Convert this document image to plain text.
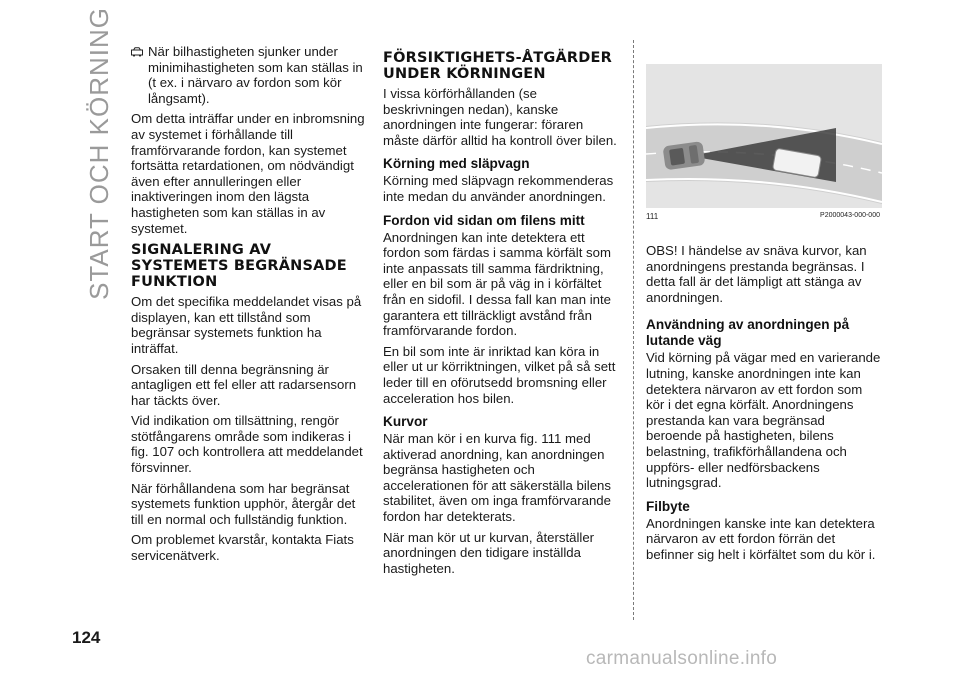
START OCH KÖRNING	När bilhastigheten sjunker under minimihastigheten som kan ställas in (t ex. i närvaro av fordon som kör långsamt).

Om detta inträffar under en inbromsning av systemet i förhållande till framförvarande fordon, kan systemet fortsätta retardationen, om nödvändigt även efter annulleringen eller inaktiveringen inom den lägsta hastigheten som kan ställas in av systemet.

SIGNALERING AV SYSTEMETS BEGRÄNSADE FUNKTION

Om det specifika meddelandet visas på displayen, kan ett tillstånd som begränsar systemets funktion ha inträffat.

Orsaken till denna begränsning är antagligen ett fel eller att radarsensorn har täckts över.

Vid indikation om tillsättning, rengör stötfångarens område som indikeras i fig. 107 och kontrollera att meddelandet försvinner.

När förhållandena som har begränsat systemets funktion upphör, återgår det till en normal och fullständig funktion.

Om problemet kvarstår, kontakta Fiats servicenätverk.

FÖRSIKTIGHETS-ÅTGÄRDER UNDER KÖRNINGEN

I vissa körförhållanden (se beskrivningen nedan), kanske anordningen inte fungerar: föraren måste därför alltid ha kontroll över bilen.

Körning med släpvagn

Körning med släpvagn rekommenderas inte medan du använder anordningen.

Fordon vid sidan om filens mitt

Anordningen kan inte detektera ett fordon som färdas i samma körfält som inte anpassats till samma färdriktning, eller en bil som är på väg in i körfältet från en sidofil. I dessa fall kan man inte garantera ett tillräckligt avstånd från framförvarande fordon.

En bil som inte är inriktad kan köra in eller ut ur körriktningen, vilket på så sett leder till en oförutsedd bromsning eller acceleration hos bilen.

Kurvor

När man kör i en kurva fig. 111 med aktiverad anordning, kan anordningen begränsa hastigheten och accelerationen för att säkerställa bilens stabilitet, även om inga framförvarande fordon har detekterats.

När man kör ut ur kurvan, återställer anordningen den tidigare inställda hastigheten.

111	P2000043-000-000

OBS! I händelse av snäva kurvor, kan anordningens prestanda begränsas. I detta fall är det lämpligt att stänga av anordningen.

Användning av anordningen på lutande väg

Vid körning på vägar med en varierande lutning, kanske anordningen inte kan detektera närvaron av ett fordon som kör i det egna körfält. Anordningens prestanda kan vara begränsad beroende på hastigheten, bilens belastning, trafikförhållandena och uppförs- eller nedförsbackens lutningsgrad.

Filbyte

Anordningen kanske inte kan detektera närvaron av ett fordon förrän det befinner sig helt i körfältet som du kör i.

124
carmanualsonline.info
